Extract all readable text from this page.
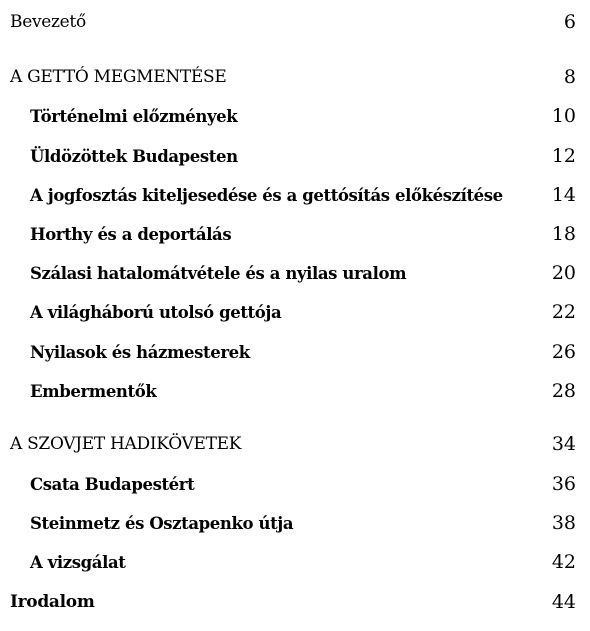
Bevezető	6
A GETTÓ MEGMENTÉSE	8
Történelmi előzmények	10
Üldözöttek Budapesten	12
A jogfosztás kiteljesedése és a gettósítás előkészítése	14
Horthy és a deportálás	18
Szálasi hatalomátvétele és a nyilas uralom	20
A világháború utolsó gettója	22
Nyilasok és házmesterek	26
Embermentők	28
A SZOVJET HADIKÖVETEK	34
Csata Budapestért	36
Steinmetz és Osztapenko útja	38
A vizsgálat	42
Irodalom	44
